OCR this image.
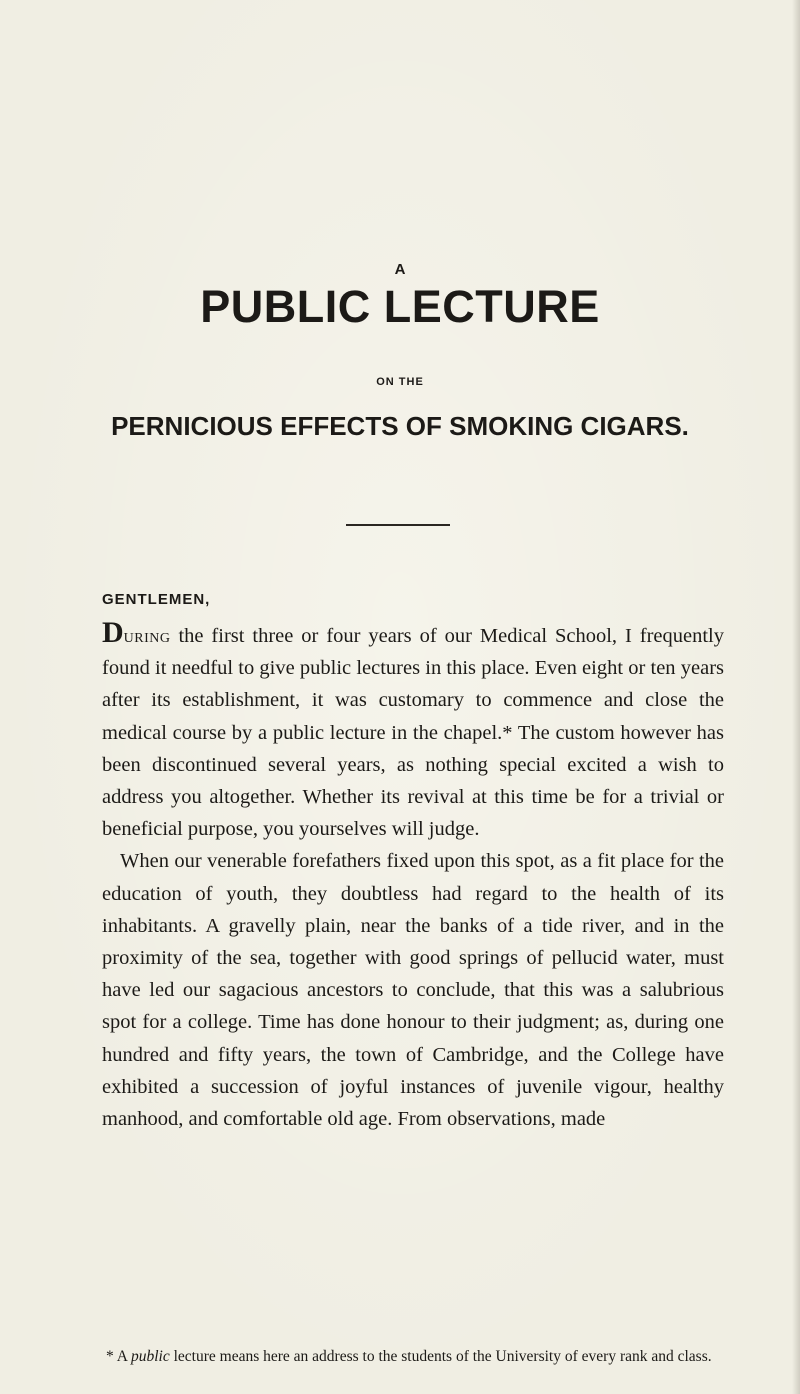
A
PUBLIC LECTURE
ON THE
PERNICIOUS EFFECTS OF SMOKING CIGARS.
GENTLEMEN,

During the first three or four years of our Medical School, I frequently found it needful to give public lectures in this place. Even eight or ten years after its establishment, it was customary to commence and close the medical course by a public lecture in the chapel.* The custom however has been discontinued several years, as nothing special excited a wish to address you altogether. Whether its revival at this time be for a trivial or beneficial purpose, you yourselves will judge.

When our venerable forefathers fixed upon this spot, as a fit place for the education of youth, they doubtless had regard to the health of its inhabitants. A gravelly plain, near the banks of a tide river, and in the proximity of the sea, together with good springs of pellucid water, must have led our sagacious ancestors to conclude, that this was a salubrious spot for a college. Time has done honour to their judgment; as, during one hundred and fifty years, the town of Cambridge, and the College have exhibited a succession of joyful instances of juvenile vigour, healthy manhood, and comfortable old age. From observations, made

* A public lecture means here an address to the students of the University of every rank and class.
